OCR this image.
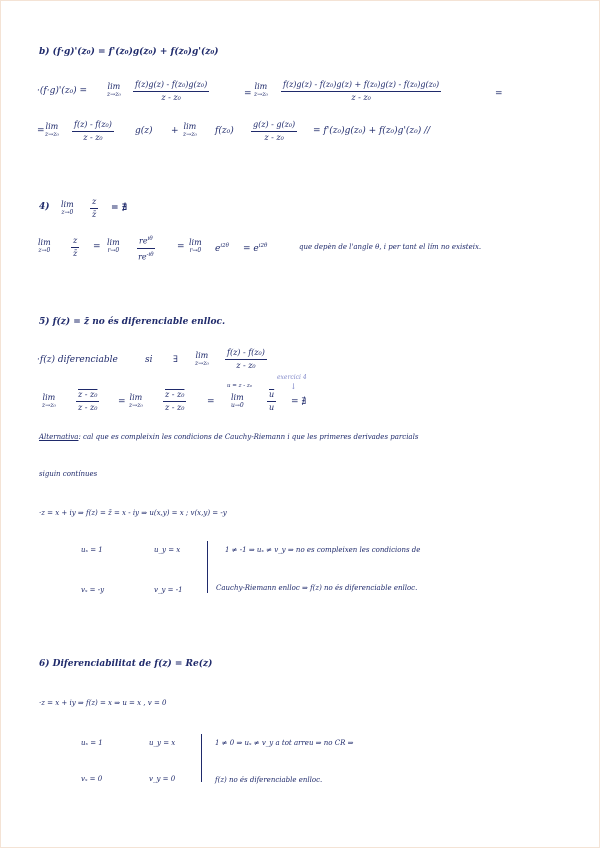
b) (f·g)'(z₀) = f'(z₀)g(z₀) + f(z₀)g'(z₀)
·(f·g)'(z₀) =	lim
$z\to z_0 \frac{\text{f(z)g(z) - f(z₀)g(z₀)}}{\text{z - z₀}}$	=
lim
$z\to z_0 \frac{\text{f(z)g(z) - f(z₀)g(z) + f(z₀)g(z) - f(z₀)g(z₀)}}{\text{z - z₀}}$	=
= lim
$z\to z_0 \frac{\text{f(z) - f(z₀)}}{\text{z - z₀}} g(z) + \lim$
z→z₀ $f(z_0) \frac{\text{g(z) - g(z₀)}}{\text{z - z₀}} = f'(z_0)g(z_0) + f(z_0)g'(z_0)$ //
4) lim
$z\to 0 \frac{z}{z̄}$ = ∄
lim
z→0	$\frac{z}{z̄} = \lim$
r→0
$re^{i\theta}$
$re^{-i\theta}$
= lim
r→0 $e^{i2\theta} = e^{i2\theta}$	que depèn de l'angle θ, i per tant el lím no existeix.
5) f(z) = z̄ no és diferenciable enlloc.
·f(z) diferenciable	si ∃ lim
$z\to z_0 \frac{\text{f(z) - f(z₀)}}{\text{z - z₀}}$
u = z - z₀
exercici 4
↓
lim
z→z₀	$\frac{\text{z - z₀}}{\text{z - z₀}} = \lim$
z→z₀	$\frac{\text{z - z₀}}{\text{z - z₀}} = \lim$
u→0	$\frac{\overline{u}}{u}$ = ∄
Alternativa: cal que es compleixin les condicions de Cauchy-Riemann i que les primeres derivades parcials
siguin contínues
·z = x + iy ⇒ f(z) = z̄ = x - iy ⇒ u(x,y) = x ; v(x,y) = -y
uₓ = 1	u_y = x
vₓ = -y	v_y = -1
1 ≠ -1 ⇒ uₓ ≠ v_y ⇒ no es compleixen les condicions de
Cauchy-Riemann enlloc ⇒ f(z) no és diferenciable enlloc.
6) Diferenciabilitat de f(z) = Re(z)
·z = x + iy ⇒ f(z) = x ⇒ u = x , v = 0
uₓ = 1	u_y = x
vₓ = 0	v_y = 0
1 ≠ 0 ⇒ uₓ ≠ v_y a tot arreu ⇒ no CR ⇒
f(z) no és diferenciable enlloc.
